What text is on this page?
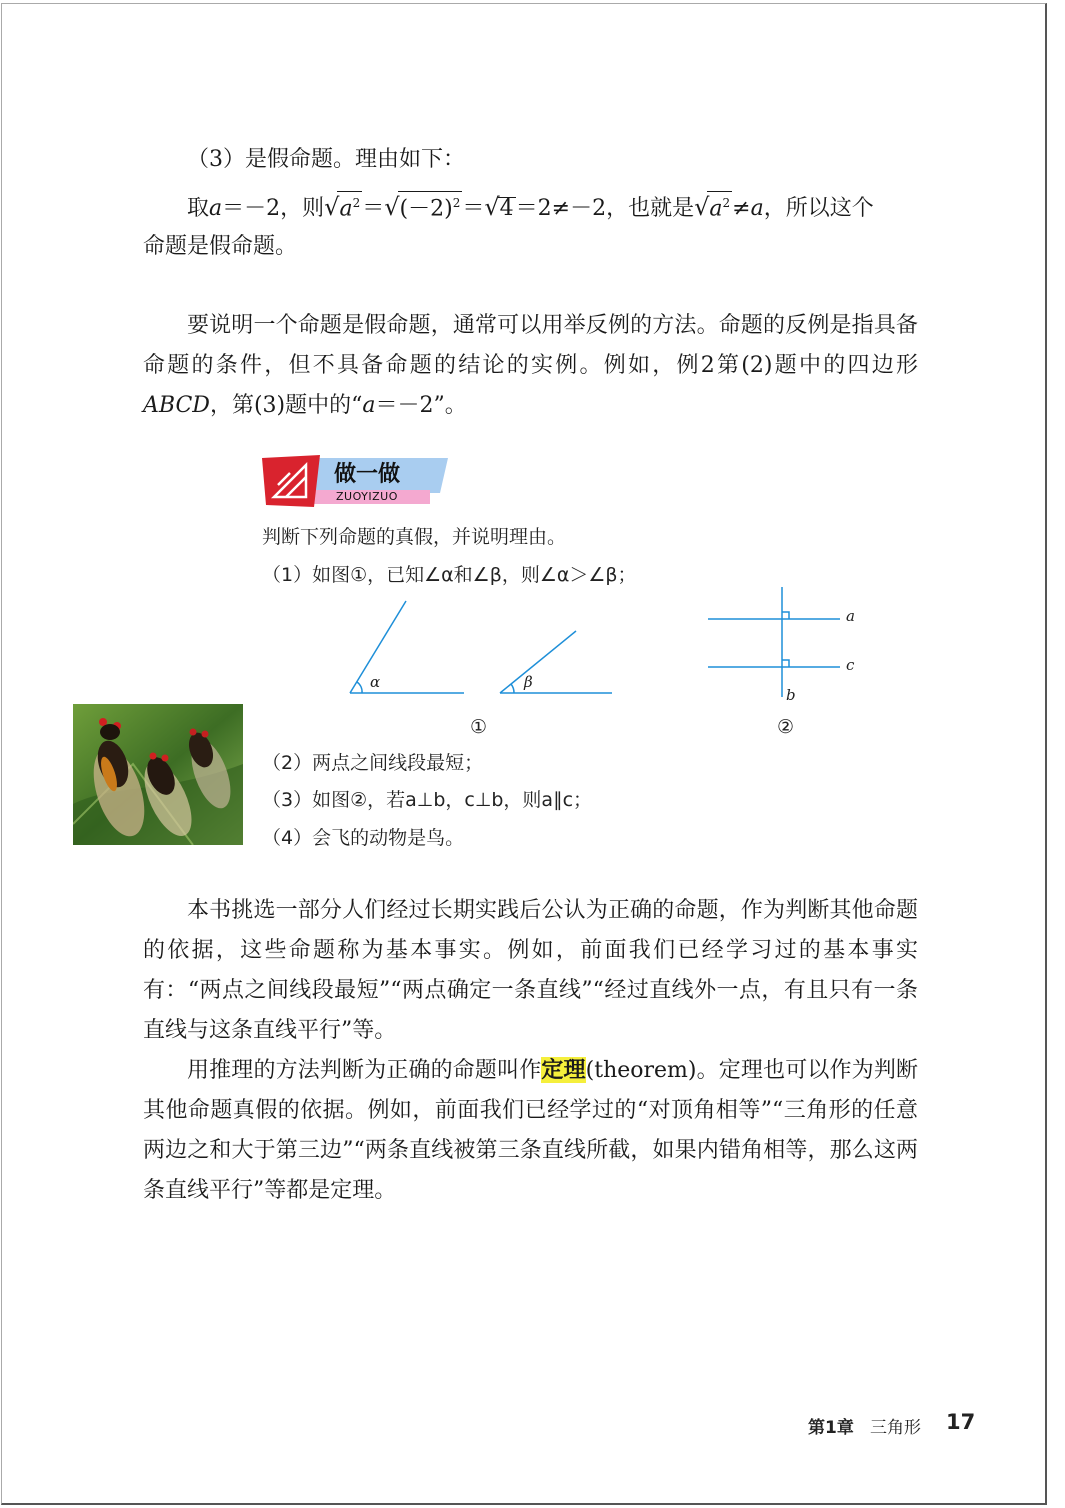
（3）是假命题。理由如下：

取a＝－2，则$√a^2=√(-2)^2=√4=2\ne-2$，也就是$√a^2\ne a$，所以这个

命题是假命题。

要说明一个命题是假命题，通常可以用举反例的方法。命题的反例是指具备命题的条件，但不具备命题的结论的实例。例如，例2第(2)题中的四边形ABCD，第(3)题中的“a＝－2”。

做一做
ZUOYIZUO
判断下列命题的真假，并说明理由。
（1）如图①，已知∠α和∠β，则∠α＞∠β；
α	β
①
a
c
b
②
（2）两点之间线段最短；
（3）如图②，若a⊥b，c⊥b，则a∥c；
（4）会飞的动物是鸟。

本书挑选一部分人们经过长期实践后公认为正确的命题，作为判断其他命题的依据，这些命题称为基本事实。例如，前面我们已经学习过的基本事实有：“两点之间线段最短”“两点确定一条直线”“经过直线外一点，有且只有一条直线与这条直线平行”等。

用推理的方法判断为正确的命题叫作定理(theorem)。定理也可以作为判断其他命题真假的依据。例如，前面我们已经学过的“对顶角相等”“三角形的任意两边之和大于第三边”“两条直线被第三条直线所截，如果内错角相等，那么这两条直线平行”等都是定理。

第1章 三角形 17
